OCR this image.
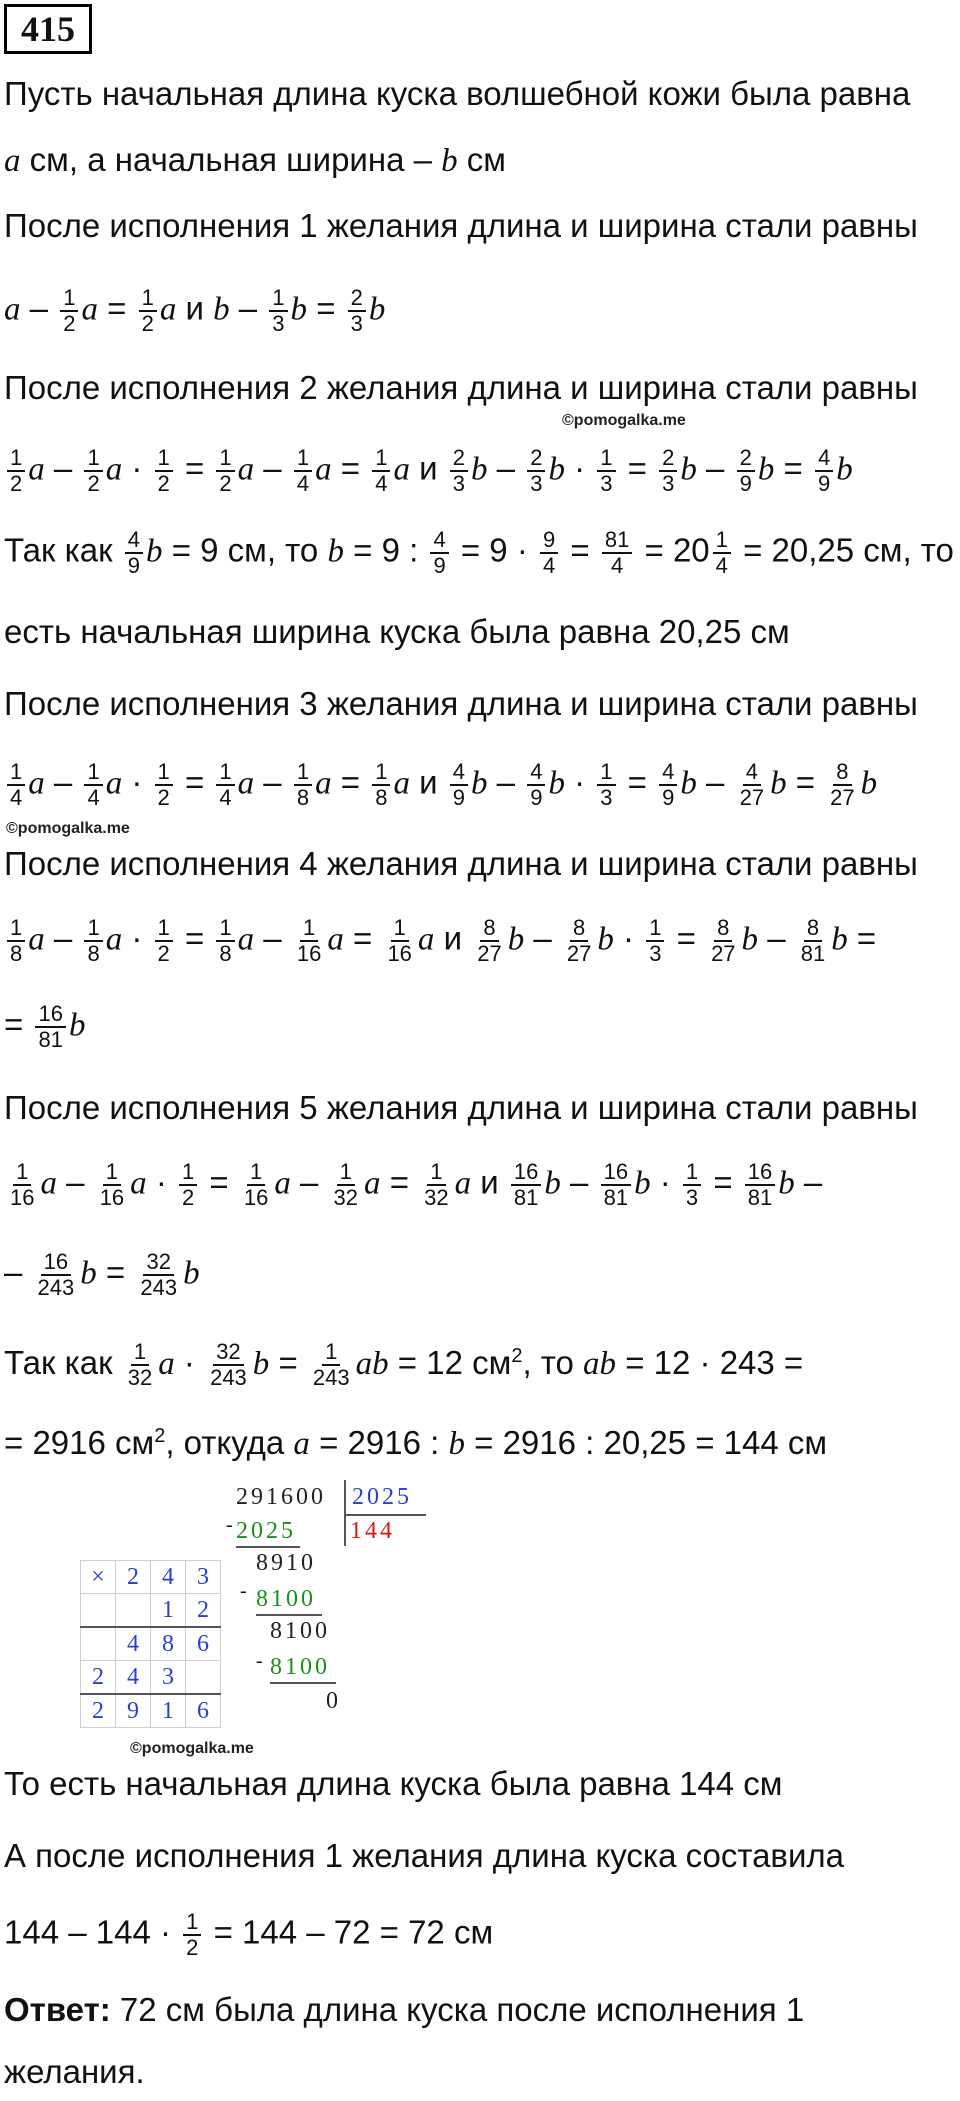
415
Пусть начальная длина куска волшебной кожи была равна
a см, а начальная ширина – b см
После исполнения 1 желания длина и ширина стали равны
a – $\frac{1}{2}$ $a = \frac{1}{2}$ a и b – $\frac{1}{3}$ $b = \frac{2}{3}$ b
После исполнения 2 желания длина и ширина стали равны
©pomogalka.me
$\frac{1}{2}$ a – $\frac{1}{2}$ $a \cdot \frac{1}{2} = \frac{1}{2}$ a – $\frac{1}{4}$ $a = \frac{1}{4}$ a и $\frac{2}{3}$ b – $\frac{2}{3}$ $b \cdot \frac{1}{3} = \frac{2}{3}$ b – $\frac{2}{9}$ $b = \frac{4}{9}$ b
Так как $\frac{4}{9}$ b = 9 см, то b = 9 : $\frac{4}{9} = 9 \cdot \frac{9}{4} = \frac{81}{4} = 20 \frac{1}{4} = 20,25$ см, то
есть начальная ширина куска была равна 20,25 см
После исполнения 3 желания длина и ширина стали равны
$\frac{1}{4}$ a – $\frac{1}{4}$ $a \cdot \frac{1}{2} = \frac{1}{4}$ a – $\frac{1}{8}$ $a = \frac{1}{8}$ a и $\frac{4}{9}$ b – $\frac{4}{9}$ $b \cdot \frac{1}{3} = \frac{4}{9}$ b – $\frac{4}{27}$ $b = \frac{8}{27}$ b
©pomogalka.me
После исполнения 4 желания длина и ширина стали равны
$\frac{1}{8}$ a – $\frac{1}{8}$ $a \cdot \frac{1}{2} = \frac{1}{8}$ a – $\frac{1}{16}$ $a = \frac{1}{16}$ a и $\frac{8}{27}$ b – $\frac{8}{27}$ $b \cdot \frac{1}{3} = \frac{8}{27}$ b – $\frac{8}{81}$ b =
= $\frac{16}{81}$ b
После исполнения 5 желания длина и ширина стали равны
$\frac{1}{16}$ a – $\frac{1}{16}$ $a \cdot \frac{1}{2} = \frac{1}{16}$ a – $\frac{1}{32}$ $a = \frac{1}{32}$ a и $\frac{16}{81}$ b – $\frac{16}{81}$ $b \cdot \frac{1}{3} = \frac{16}{81}$ b –
– $\frac{16}{243}$ $b = \frac{32}{243}$ b
Так как $\frac{1}{32}$ $a \cdot \frac{32}{243}$ $b = \frac{1}{243}$ ab = 12 $см^2$, то ab = 12 · 243 =
= 2916 $см^2$, откуда a = 2916 : b = 2916 : 20,25 = 144 см
291600 2025
144
- 2025
8910
- 8100
8100
- 8100
0
×	2	4	3
		1	2
	4	8	6
2	4	3	
2	9	1	6
©pomogalka.me
То есть начальная длина куска была равна 144 см
А после исполнения 1 желания длина куска составила
$144 - 144 \cdot \frac{1}{2} = 144 - 72 = 72$ см
Ответ: 72 см была длина куска после исполнения 1
желания.
